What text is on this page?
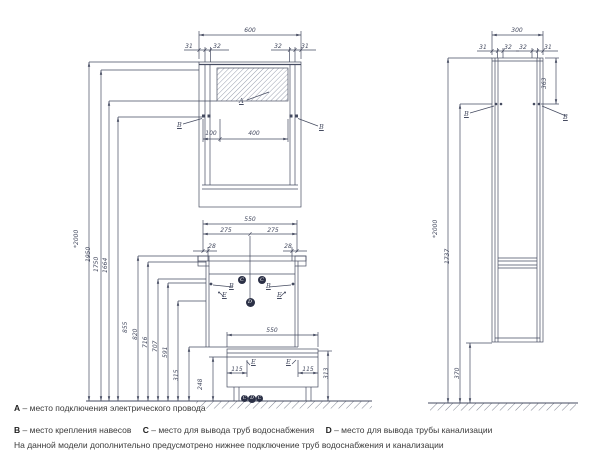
600
31	32	32	31
100	400
*2000
1950
1750 1664
855
820
716 707
591
315
550
275	275
28	28
550
115	115
248
313
300
31	32 32	31
*2000
1737
370
363
A
B	B
B	B
E	E
E	E
B	B
C	C
D
C D C
A – место подключения электрического провода
B – место крепления навесов C – место для вывода труб водоснабжения D – место для вывода трубы канализации
На данной модели дополнительно предусмотрено нижнее подключение труб водоснабжения и канализации
